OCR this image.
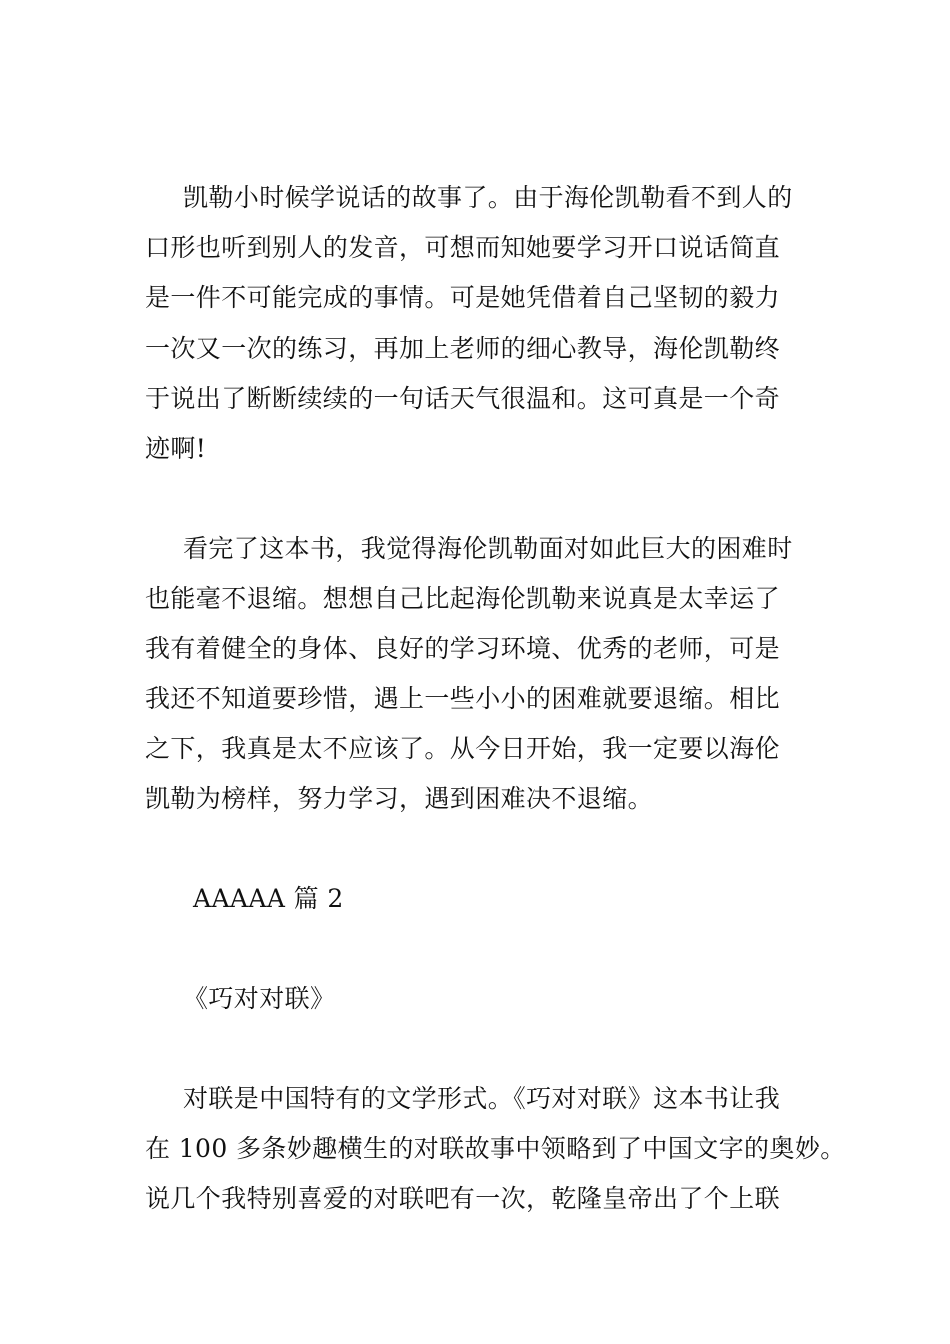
凯勒小时候学说话的故事了。由于海伦凯勒看不到人的
口形也听到别人的发音，可想而知她要学习开口说话简直
是一件不可能完成的事情。可是她凭借着自己坚韧的毅力
一次又一次的练习，再加上老师的细心教导，海伦凯勒终
于说出了断断续续的一句话天气很温和。这可真是一个奇
迹啊!
看完了这本书，我觉得海伦凯勒面对如此巨大的困难时
也能毫不退缩。想想自己比起海伦凯勒来说真是太幸运了
我有着健全的身体、良好的学习环境、优秀的老师，可是
我还不知道要珍惜，遇上一些小小的困难就要退缩。相比
之下，我真是太不应该了。从今日开始，我一定要以海伦
凯勒为榜样，努力学习，遇到困难决不退缩。
AAAAA 篇 2
《巧对对联》
对联是中国特有的文学形式。《巧对对联》这本书让我
在 100 多条妙趣横生的对联故事中领略到了中国文字的奥妙。
说几个我特别喜爱的对联吧有一次，乾隆皇帝出了个上联
